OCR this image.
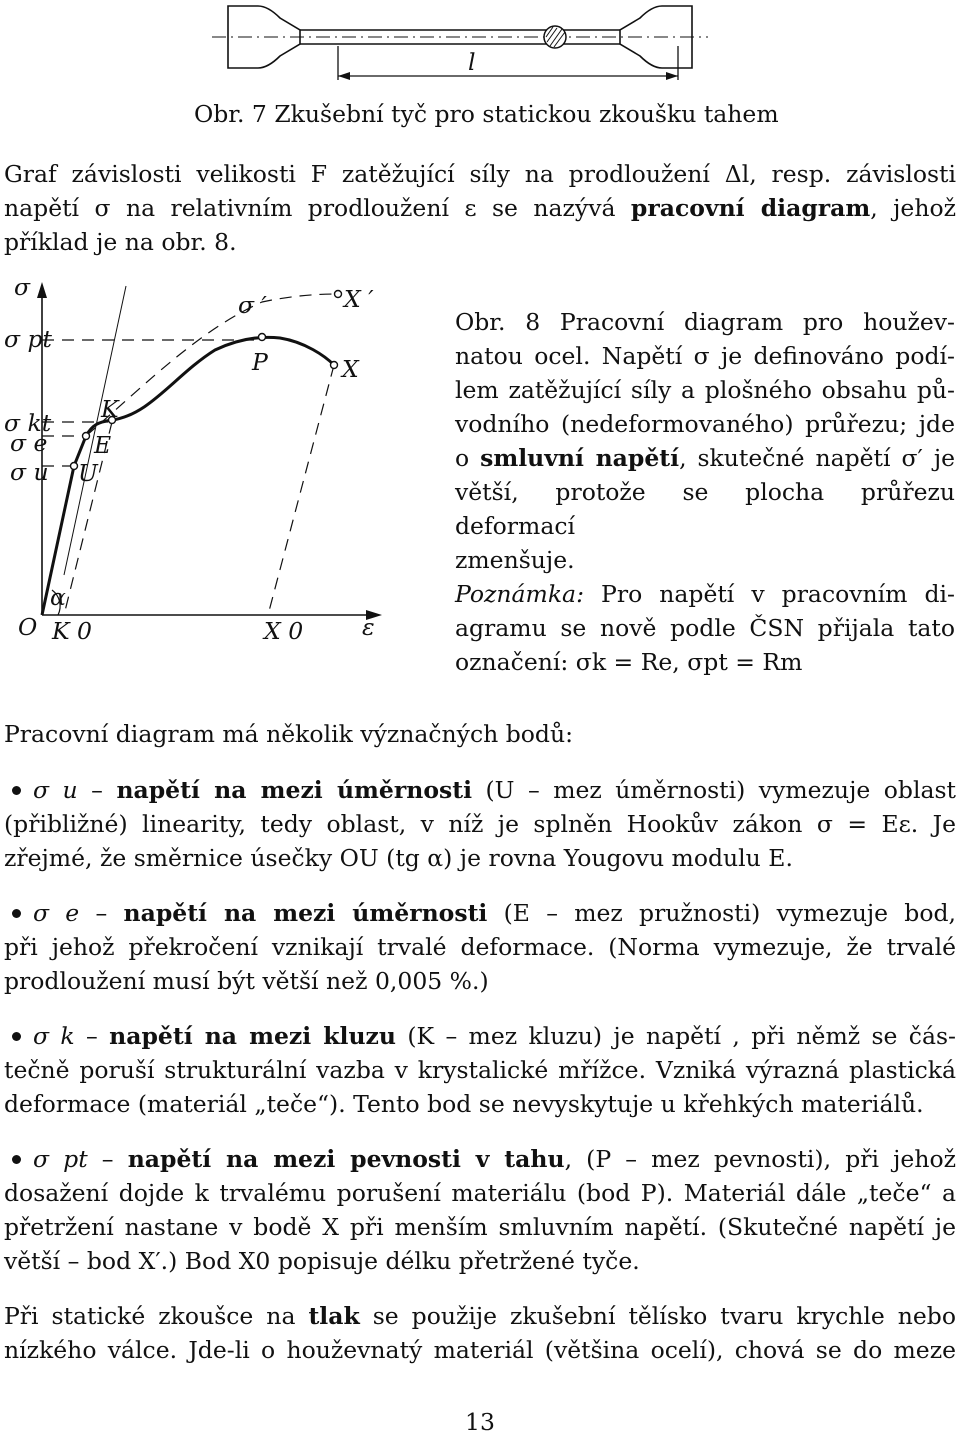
l
Obr. 7 Zkušební tyč pro statickou zkoušku tahem
Graf závislosti velikosti F zatěžující síly na prodloužení Δl, resp. závislosti
napětí σ na relativním prodloužení ε se nazývá pracovní diagram, jehož
příklad je na obr. 8.
σ
σ pt
σ kt
σ e
σ u
O K 0	X 0	ε
α
K
E
U
P	X
σ ′	X ′
Obr. 8 Pracovní diagram pro houžev-
natou ocel. Napětí σ je definováno podí-
lem zatěžující síly a plošného obsahu pů-
vodního (nedeformovaného) průřezu; jde
o smluvní napětí, skutečné napětí σ′ je
větší, protože se plocha průřezu deformací
zmenšuje.
Poznámka: Pro napětí v pracovním di-
agramu se nově podle ČSN přijala tato
označení: σk = Re, σpt = Rm
Pracovní diagram má několik význačných bodů:
σ u – napětí na mezi úměrnosti (U – mez úměrnosti) vymezuje oblast
(přibližné) linearity, tedy oblast, v níž je splněn Hookův zákon σ = Eε. Je
zřejmé, že směrnice úsečky OU (tg α) je rovna Yougovu modulu E.
σ e – napětí na mezi úměrnosti (E – mez pružnosti) vymezuje bod,
při jehož překročení vznikají trvalé deformace. (Norma vymezuje, že trvalé
prodloužení musí být větší než 0,005 %.)
σ k – napětí na mezi kluzu (K – mez kluzu) je napětí , při němž se čás-
tečně poruší strukturální vazba v krystalické mřížce. Vzniká výrazná plastická
deformace (materiál „teče“). Tento bod se nevyskytuje u křehkých materiálů.
σ pt – napětí na mezi pevnosti v tahu, (P – mez pevnosti), při jehož
dosažení dojde k trvalému porušení materiálu (bod P). Materiál dále „teče“ a
přetržení nastane v bodě X při menším smluvním napětí. (Skutečné napětí je
větší – bod X′.) Bod X0 popisuje délku přetržené tyče.
Při statické zkoušce na tlak se použije zkušební tělísko tvaru krychle nebo
nízkého válce. Jde-li o houževnatý materiál (většina ocelí), chová se do meze
13
